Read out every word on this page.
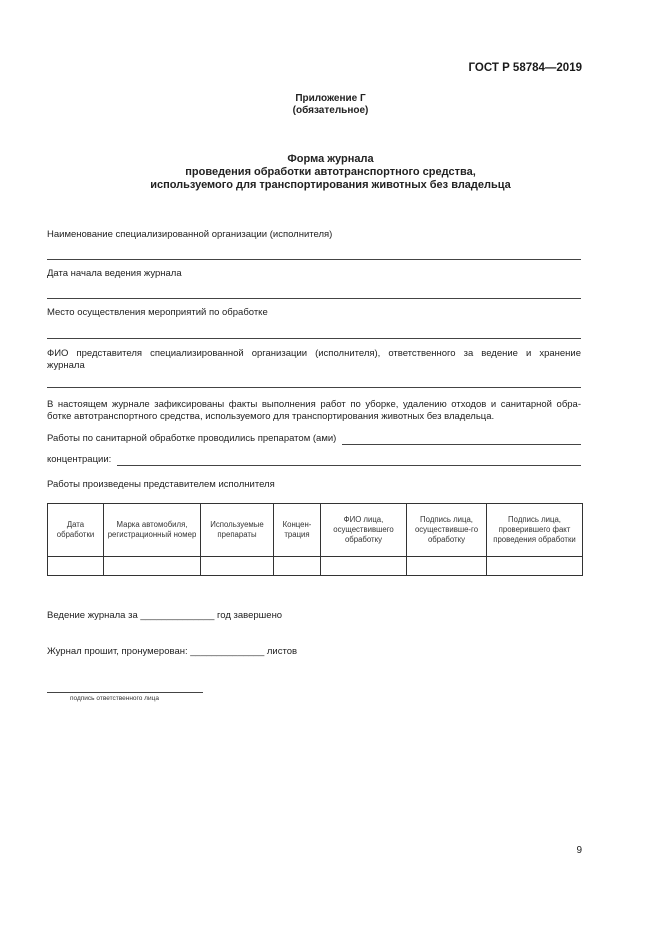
ГОСТ Р 58784—2019
Приложение Г
(обязательное)
Форма журнала
проведения обработки автотранспортного средства,
используемого для транспортирования животных без владельца
Наименование специализированной организации (исполнителя)
Дата начала ведения журнала
Место осуществления мероприятий по обработке
ФИО представителя специализированной организации (исполнителя), ответственного за ведение и хранение
журнала
В настоящем журнале зафиксированы факты выполнения работ по уборке, удалению отходов и санитарной обра-
ботке автотранспортного средства, используемого для транспортирования животных без владельца.
Работы по санитарной обработке проводились препаратом (ами)
концентрации:
Работы произведены представителем исполнителя
Дата обработки	Марка автомобиля, регистрационный номер	Используемые препараты	Концен-трация	ФИО лица, осуществившего обработку	Подпись лица, осуществивше-го обработку	Подпись лица, проверившего факт проведения обработки

Ведение журнала за ______________ год завершено
Журнал прошит, пронумерован: ______________ листов
подпись ответственного лица
9
